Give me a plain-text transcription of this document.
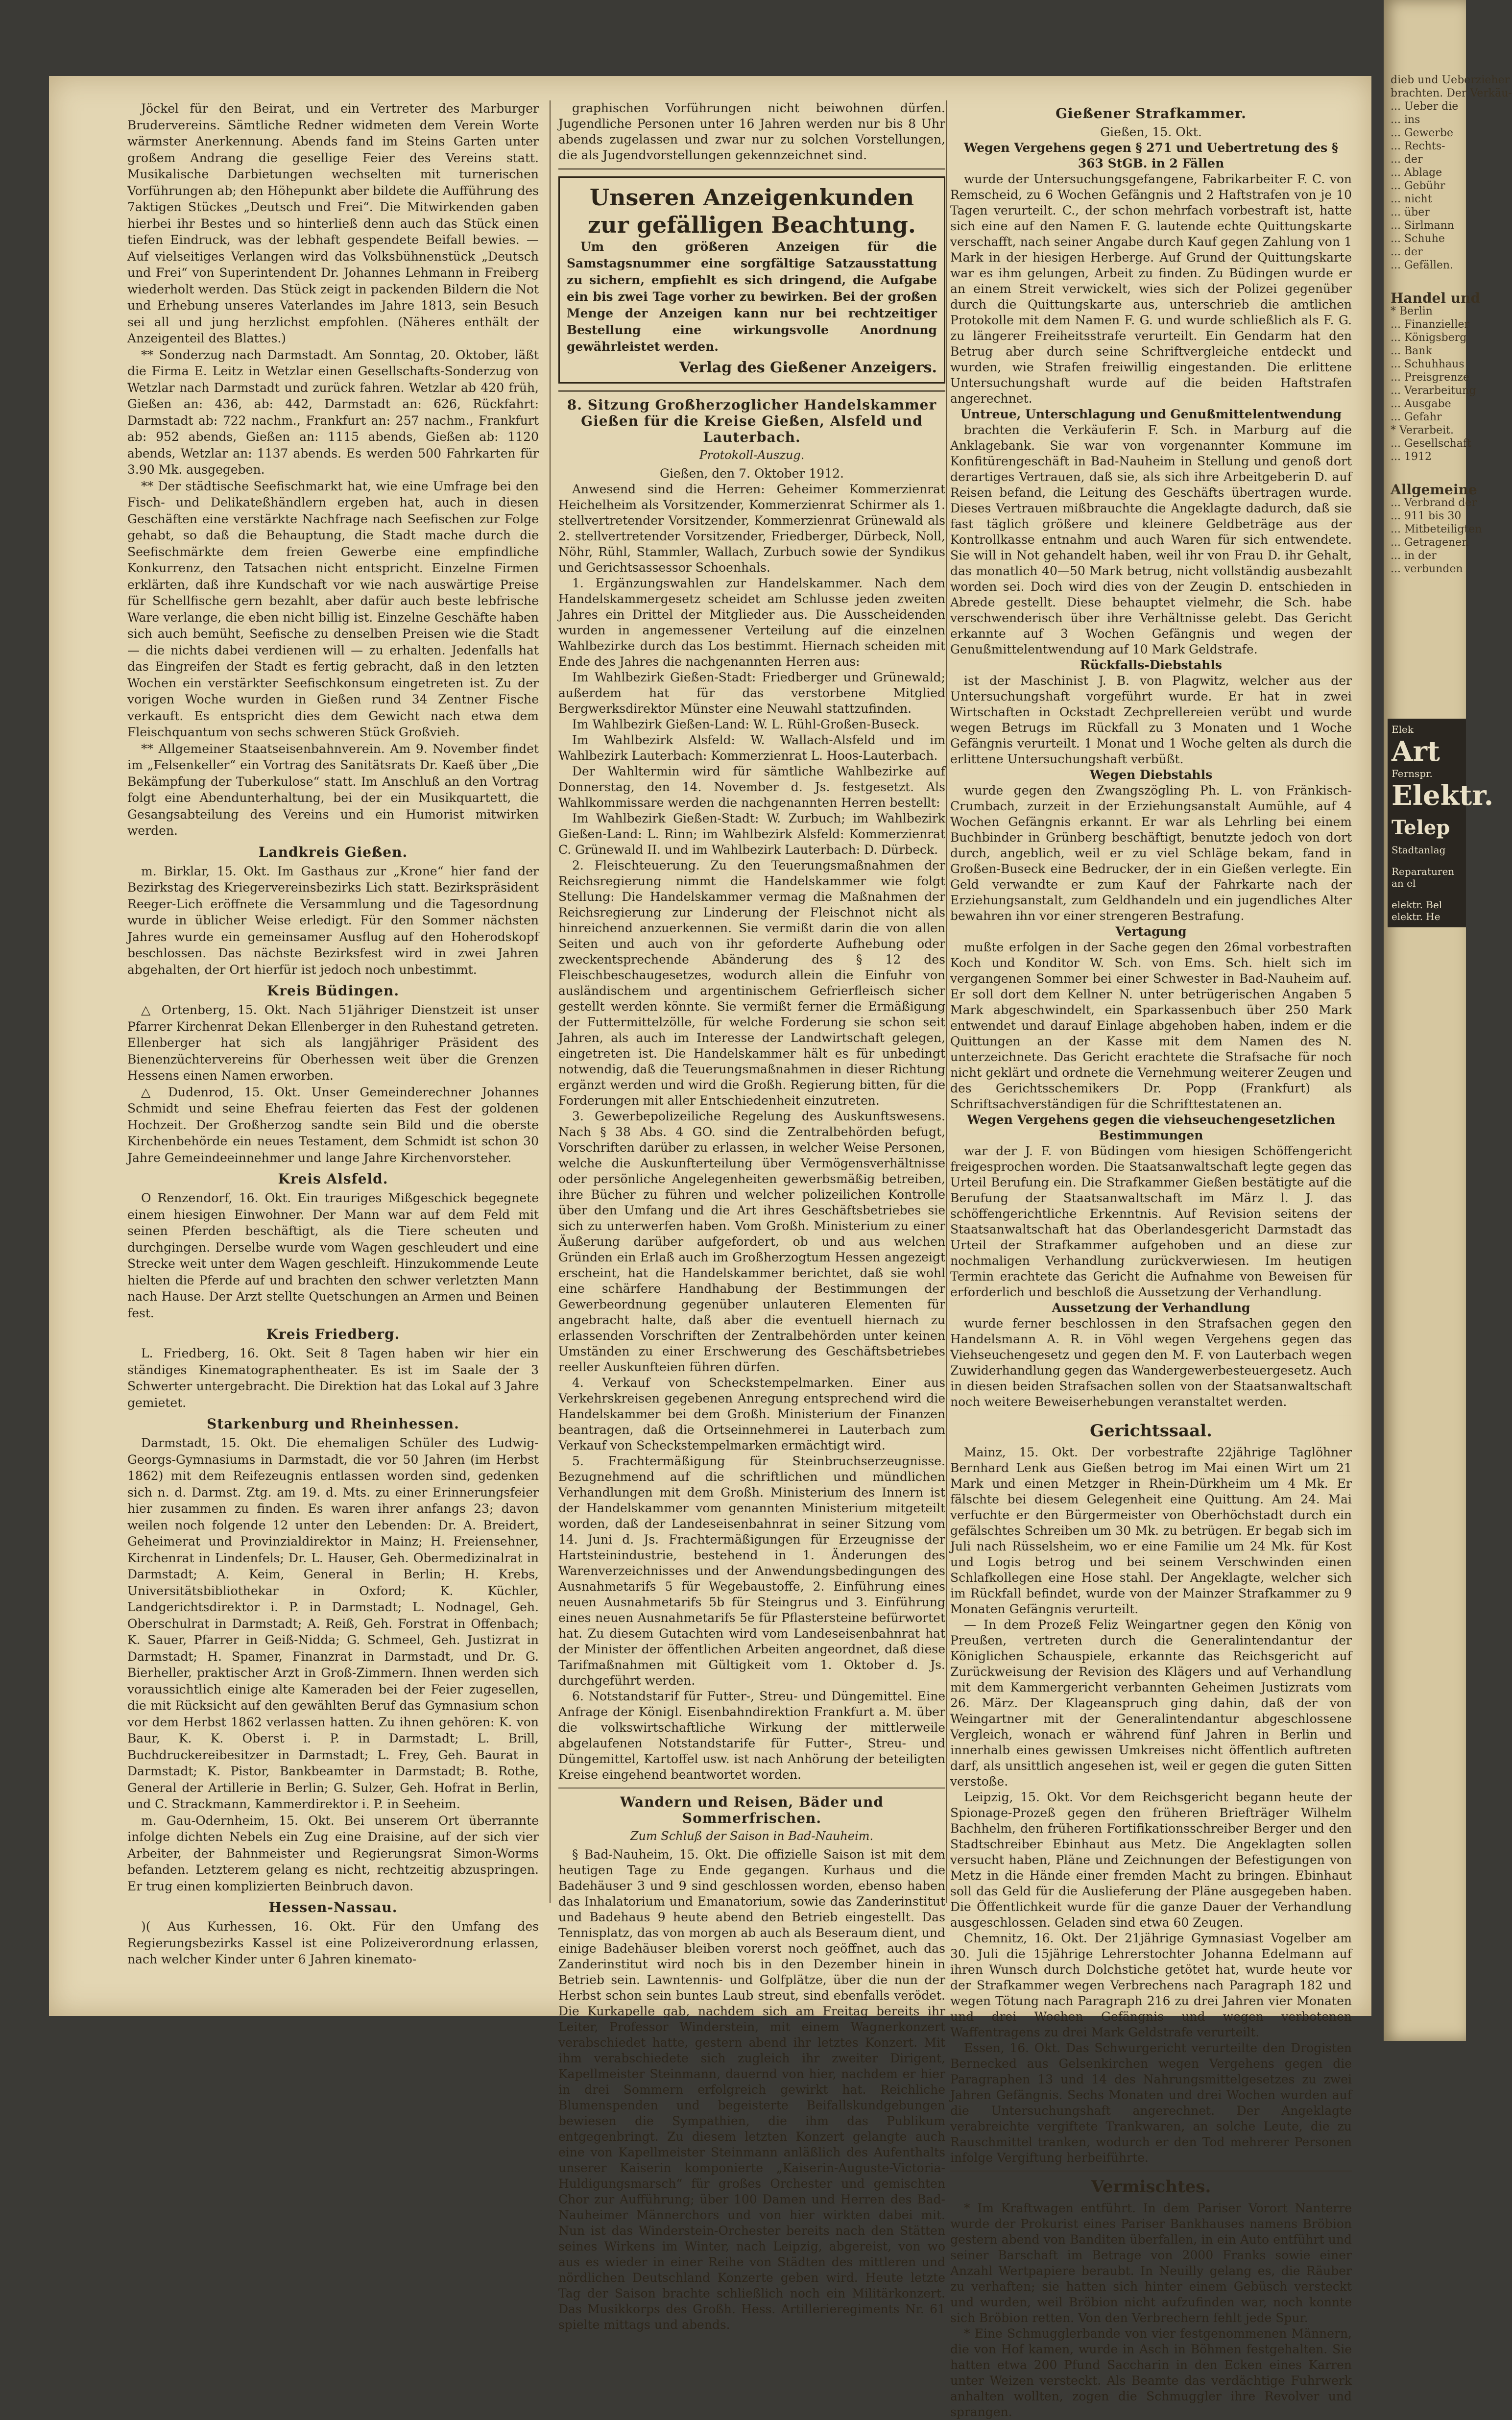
Jöckel für den Beirat, und ein Vertreter des Marburger Brudervereins. Sämtliche Redner widmeten dem Verein Worte wärmster Anerkennung. Abends fand im Steins Garten unter großem Andrang die gesellige Feier des Vereins statt. Musikalische Darbietungen wechselten mit turnerischen Vorführungen ab; den Höhepunkt aber bildete die Aufführung des 7aktigen Stückes „Deutsch und Frei“. Die Mitwirkenden gaben hierbei ihr Bestes und so hinterließ denn auch das Stück einen tiefen Eindruck, was der lebhaft gespendete Beifall bewies. — Auf vielseitiges Verlangen wird das Volksbühnenstück „Deutsch und Frei“ von Superintendent Dr. Johannes Lehmann in Freiberg wiederholt werden. Das Stück zeigt in packenden Bildern die Not und Erhebung unseres Vaterlandes im Jahre 1813, sein Besuch sei all und jung herzlichst empfohlen. (Näheres enthält der Anzeigenteil des Blattes.)

** Sonderzug nach Darmstadt. Am Sonntag, 20. Oktober, läßt die Firma E. Leitz in Wetzlar einen Gesellschafts-Sonderzug von Wetzlar nach Darmstadt und zurück fahren. Wetzlar ab 420 früh, Gießen an: 436, ab: 442, Darmstadt an: 626, Rückfahrt: Darmstadt ab: 722 nachm., Frankfurt an: 257 nachm., Frankfurt ab: 952 abends, Gießen an: 1115 abends, Gießen ab: 1120 abends, Wetzlar an: 1137 abends. Es werden 500 Fahrkarten für 3.90 Mk. ausgegeben.

** Der städtische Seefischmarkt hat, wie eine Umfrage bei den Fisch- und Delikateßhändlern ergeben hat, auch in diesen Geschäften eine verstärkte Nachfrage nach Seefischen zur Folge gehabt, so daß die Behauptung, die Stadt mache durch die Seefischmärkte dem freien Gewerbe eine empfindliche Konkurrenz, den Tatsachen nicht entspricht. Einzelne Firmen erklärten, daß ihre Kundschaft vor wie nach auswärtige Preise für Schellfische gern bezahlt, aber dafür auch beste lebfrische Ware verlange, die eben nicht billig ist. Einzelne Geschäfte haben sich auch bemüht, Seefische zu denselben Preisen wie die Stadt — die nichts dabei verdienen will — zu erhalten. Jedenfalls hat das Eingreifen der Stadt es fertig gebracht, daß in den letzten Wochen ein verstärkter Seefischkonsum eingetreten ist. Zu der vorigen Woche wurden in Gießen rund 34 Zentner Fische verkauft. Es entspricht dies dem Gewicht nach etwa dem Fleischquantum von sechs schweren Stück Großvieh.

** Allgemeiner Staatseisenbahnverein. Am 9. November findet im „Felsenkeller“ ein Vortrag des Sanitätsrats Dr. Kaeß über „Die Bekämpfung der Tuberkulose“ statt. Im Anschluß an den Vortrag folgt eine Abendunterhaltung, bei der ein Musikquartett, die Gesangsabteilung des Vereins und ein Humorist mitwirken werden.

Landkreis Gießen.

m. Birklar, 15. Okt. Im Gasthaus zur „Krone“ hier fand der Bezirkstag des Kriegervereinsbezirks Lich statt. Bezirkspräsident Reeger-Lich eröffnete die Versammlung und die Tagesordnung wurde in üblicher Weise erledigt. Für den Sommer nächsten Jahres wurde ein gemeinsamer Ausflug auf den Hoherodskopf beschlossen. Das nächste Bezirksfest wird in zwei Jahren abgehalten, der Ort hierfür ist jedoch noch unbestimmt.

Kreis Büdingen.

△ Ortenberg, 15. Okt. Nach 51jähriger Dienstzeit ist unser Pfarrer Kirchenrat Dekan Ellenberger in den Ruhestand getreten. Ellenberger hat sich als langjähriger Präsident des Bienenzüchtervereins für Oberhessen weit über die Grenzen Hessens einen Namen erworben.

△ Dudenrod, 15. Okt. Unser Gemeinderechner Johannes Schmidt und seine Ehefrau feierten das Fest der goldenen Hochzeit. Der Großherzog sandte sein Bild und die oberste Kirchenbehörde ein neues Testament, dem Schmidt ist schon 30 Jahre Gemeindeeinnehmer und lange Jahre Kirchenvorsteher.

Kreis Alsfeld.

O Renzendorf, 16. Okt. Ein trauriges Mißgeschick begegnete einem hiesigen Einwohner. Der Mann war auf dem Feld mit seinen Pferden beschäftigt, als die Tiere scheuten und durchgingen. Derselbe wurde vom Wagen geschleudert und eine Strecke weit unter dem Wagen geschleift. Hinzukommende Leute hielten die Pferde auf und brachten den schwer verletzten Mann nach Hause. Der Arzt stellte Quetschungen an Armen und Beinen fest.

Kreis Friedberg.

L. Friedberg, 16. Okt. Seit 8 Tagen haben wir hier ein ständiges Kinematographentheater. Es ist im Saale der 3 Schwerter untergebracht. Die Direktion hat das Lokal auf 3 Jahre gemietet.

Starkenburg und Rheinhessen.

Darmstadt, 15. Okt. Die ehemaligen Schüler des Ludwig-Georgs-Gymnasiums in Darmstadt, die vor 50 Jahren (im Herbst 1862) mit dem Reifezeugnis entlassen worden sind, gedenken sich n. d. Darmst. Ztg. am 19. d. Mts. zu einer Erinnerungsfeier hier zusammen zu finden. Es waren ihrer anfangs 23; davon weilen noch folgende 12 unter den Lebenden: Dr. A. Breidert, Geheimerat und Provinzialdirektor in Mainz; H. Freiensehner, Kirchenrat in Lindenfels; Dr. L. Hauser, Geh. Obermedizinalrat in Darmstadt; A. Keim, General in Berlin; H. Krebs, Universitätsbibliothekar in Oxford; K. Küchler, Landgerichtsdirektor i. P. in Darmstadt; L. Nodnagel, Geh. Oberschulrat in Darmstadt; A. Reiß, Geh. Forstrat in Offenbach; K. Sauer, Pfarrer in Geiß-Nidda; G. Schmeel, Geh. Justizrat in Darmstadt; H. Spamer, Finanzrat in Darmstadt, und Dr. G. Bierheller, praktischer Arzt in Groß-Zimmern. Ihnen werden sich voraussichtlich einige alte Kameraden bei der Feier zugesellen, die mit Rücksicht auf den gewählten Beruf das Gymnasium schon vor dem Herbst 1862 verlassen hatten. Zu ihnen gehören: K. von Baur, K. K. Oberst i. P. in Darmstadt; L. Brill, Buchdruckereibesitzer in Darmstadt; L. Frey, Geh. Baurat in Darmstadt; K. Pistor, Bankbeamter in Darmstadt; B. Rothe, General der Artillerie in Berlin; G. Sulzer, Geh. Hofrat in Berlin, und C. Strackmann, Kammerdirektor i. P. in Seeheim.

m. Gau-Odernheim, 15. Okt. Bei unserem Ort überrannte infolge dichten Nebels ein Zug eine Draisine, auf der sich vier Arbeiter, der Bahnmeister und Regierungsrat Simon-Worms befanden. Letzterem gelang es nicht, rechtzeitig abzuspringen. Er trug einen komplizierten Beinbruch davon.

Hessen-Nassau.

)( Aus Kurhessen, 16. Okt. Für den Umfang des Regierungsbezirks Kassel ist eine Polizeiverordnung erlassen, nach welcher Kinder unter 6 Jahren kinemato-

graphischen Vorführungen nicht beiwohnen dürfen. Jugendliche Personen unter 16 Jahren werden nur bis 8 Uhr abends zugelassen und zwar nur zu solchen Vorstellungen, die als Jugendvorstellungen gekennzeichnet sind.

Unseren Anzeigenkunden
zur gefälligen Beachtung.

Um den größeren Anzeigen für die Samstagsnummer eine sorgfältige Satzausstattung zu sichern, empfiehlt es sich dringend, die Aufgabe ein bis zwei Tage vorher zu bewirken. Bei der großen Menge der Anzeigen kann nur bei rechtzeitiger Bestellung eine wirkungsvolle Anordnung gewährleistet werden.

Verlag des Gießener Anzeigers.
8. Sitzung Großherzoglicher Handelskammer Gießen für die Kreise Gießen, Alsfeld und Lauterbach.
Protokoll-Auszug.

Gießen, den 7. Oktober 1912.

Anwesend sind die Herren: Geheimer Kommerzienrat Heichelheim als Vorsitzender, Kommerzienrat Schirmer als 1. stellvertretender Vorsitzender, Kommerzienrat Grünewald als 2. stellvertretender Vorsitzender, Friedberger, Dürbeck, Noll, Nöhr, Rühl, Stammler, Wallach, Zurbuch sowie der Syndikus und Gerichtsassessor Schoenhals.

1. Ergänzungswahlen zur Handelskammer. Nach dem Handelskammergesetz scheidet am Schlusse jeden zweiten Jahres ein Drittel der Mitglieder aus. Die Ausscheidenden wurden in angemessener Verteilung auf die einzelnen Wahlbezirke durch das Los bestimmt. Hiernach scheiden mit Ende des Jahres die nachgenannten Herren aus:

Im Wahlbezirk Gießen-Stadt: Friedberger und Grünewald; außerdem hat für das verstorbene Mitglied Bergwerksdirektor Münster eine Neuwahl stattzufinden.

Im Wahlbezirk Gießen-Land: W. L. Rühl-Großen-Buseck.

Im Wahlbezirk Alsfeld: W. Wallach-Alsfeld und im Wahlbezirk Lauterbach: Kommerzienrat L. Hoos-Lauterbach.

Der Wahltermin wird für sämtliche Wahlbezirke auf Donnerstag, den 14. November d. Js. festgesetzt. Als Wahlkommissare werden die nachgenannten Herren bestellt:

Im Wahlbezirk Gießen-Stadt: W. Zurbuch; im Wahlbezirk Gießen-Land: L. Rinn; im Wahlbezirk Alsfeld: Kommerzienrat C. Grünewald II. und im Wahlbezirk Lauterbach: D. Dürbeck.

2. Fleischteuerung. Zu den Teuerungsmaßnahmen der Reichsregierung nimmt die Handelskammer wie folgt Stellung: Die Handelskammer vermag die Maßnahmen der Reichsregierung zur Linderung der Fleischnot nicht als hinreichend anzuerkennen. Sie vermißt darin die von allen Seiten und auch von ihr geforderte Aufhebung oder zweckentsprechende Abänderung des § 12 des Fleischbeschaugesetzes, wodurch allein die Einfuhr von ausländischem und argentinischem Gefrierfleisch sicher gestellt werden könnte. Sie vermißt ferner die Ermäßigung der Futtermittelzölle, für welche Forderung sie schon seit Jahren, als auch im Interesse der Landwirtschaft gelegen, eingetreten ist. Die Handelskammer hält es für unbedingt notwendig, daß die Teuerungsmaßnahmen in dieser Richtung ergänzt werden und wird die Großh. Regierung bitten, für die Forderungen mit aller Entschiedenheit einzutreten.

3. Gewerbepolizeiliche Regelung des Auskunftswesens. Nach § 38 Abs. 4 GO. sind die Zentralbehörden befugt, Vorschriften darüber zu erlassen, in welcher Weise Personen, welche die Auskunfterteilung über Vermögensverhältnisse oder persönliche Angelegenheiten gewerbsmäßig betreiben, ihre Bücher zu führen und welcher polizeilichen Kontrolle über den Umfang und die Art ihres Geschäftsbetriebes sie sich zu unterwerfen haben. Vom Großh. Ministerium zu einer Äußerung darüber aufgefordert, ob und aus welchen Gründen ein Erlaß auch im Großherzogtum Hessen angezeigt erscheint, hat die Handelskammer berichtet, daß sie wohl eine schärfere Handhabung der Bestimmungen der Gewerbeordnung gegenüber unlauteren Elementen für angebracht halte, daß aber die eventuell hiernach zu erlassenden Vorschriften der Zentralbehörden unter keinen Umständen zu einer Erschwerung des Geschäftsbetriebes reeller Auskunfteien führen dürfen.

4. Verkauf von Scheckstempelmarken. Einer aus Verkehrskreisen gegebenen Anregung entsprechend wird die Handelskammer bei dem Großh. Ministerium der Finanzen beantragen, daß die Ortseinnehmerei in Lauterbach zum Verkauf von Scheckstempelmarken ermächtigt wird.

5. Frachtermäßigung für Steinbruchserzeugnisse. Bezugnehmend auf die schriftlichen und mündlichen Verhandlungen mit dem Großh. Ministerium des Innern ist der Handelskammer vom genannten Ministerium mitgeteilt worden, daß der Landeseisenbahnrat in seiner Sitzung vom 14. Juni d. Js. Frachtermäßigungen für Erzeugnisse der Hartsteinindustrie, bestehend in 1. Änderungen des Warenverzeichnisses und der Anwendungsbedingungen des Ausnahmetarifs 5 für Wegebaustoffe, 2. Einführung eines neuen Ausnahmetarifs 5b für Steingrus und 3. Einführung eines neuen Ausnahmetarifs 5e für Pflastersteine befürwortet hat. Zu diesem Gutachten wird vom Landeseisenbahnrat hat der Minister der öffentlichen Arbeiten angeordnet, daß diese Tarifmaßnahmen mit Gültigkeit vom 1. Oktober d. Js. durchgeführt werden.

6. Notstandstarif für Futter-, Streu- und Düngemittel. Eine Anfrage der Königl. Eisenbahndirektion Frankfurt a. M. über die volkswirtschaftliche Wirkung der mittlerweile abgelaufenen Notstandstarife für Futter-, Streu- und Düngemittel, Kartoffel usw. ist nach Anhörung der beteiligten Kreise eingehend beantwortet worden.

Wandern und Reisen, Bäder und Sommerfrischen.
Zum Schluß der Saison in Bad-Nauheim.

§ Bad-Nauheim, 15. Okt. Die offizielle Saison ist mit dem heutigen Tage zu Ende gegangen. Kurhaus und die Badehäuser 3 und 9 sind geschlossen worden, ebenso haben das Inhalatorium und Emanatorium, sowie das Zanderinstitut und Badehaus 9 heute abend den Betrieb eingestellt. Das Tennisplatz, das von morgen ab auch als Beseraum dient, und einige Badehäuser bleiben vorerst noch geöffnet, auch das Zanderinstitut wird noch bis in den Dezember hinein in Betrieb sein. Lawntennis- und Golfplätze, über die nun der Herbst schon sein buntes Laub streut, sind ebenfalls verödet. Die Kurkapelle gab, nachdem sich am Freitag bereits ihr Leiter, Professor Winderstein, mit einem Wagnerkonzert verabschiedet hatte, gestern abend ihr letztes Konzert. Mit ihm verabschiedete sich zugleich ihr zweiter Dirigent, Kapellmeister Steinmann, dauernd von hier, nachdem er hier in drei Sommern erfolgreich gewirkt hat. Reichliche Blumenspenden und begeisterte Beifallskundgebungen bewiesen die Sympathien, die ihm das Publikum entgegenbringt. Zu diesem letzten Konzert gelangte auch eine von Kapellmeister Steinmann anläßlich des Aufenthalts unserer Kaiserin komponierte „Kaiserin-Auguste-Victoria-Huldigungsmarsch“ für großes Orchester und gemischten Chor zur Aufführung; über 100 Damen und Herren des Bad-Nauheimer Männerchors und von hier wirkten dabei mit. Nun ist das Winderstein-Orchester bereits nach den Stätten seines Wirkens im Winter, nach Leipzig, abgereist, von wo aus es wieder in einer Reihe von Städten des mittleren und nördlichen Deutschland Konzerte geben wird. Heute letzte Tag der Saison brachte schließlich noch ein Militärkonzert. Das Musikkorps des Großh. Hess. Artillerieregiments Nr. 61 spielte mittags und abends.

Gießener Strafkammer.

Gießen, 15. Okt.

Wegen Vergehens gegen § 271 und Uebertretung des § 363 StGB. in 2 Fällen

wurde der Untersuchungsgefangene, Fabrikarbeiter F. C. von Remscheid, zu 6 Wochen Gefängnis und 2 Haftstrafen von je 10 Tagen verurteilt. C., der schon mehrfach vorbestraft ist, hatte sich eine auf den Namen F. G. lautende echte Quittungskarte verschafft, nach seiner Angabe durch Kauf gegen Zahlung von 1 Mark in der hiesigen Herberge. Auf Grund der Quittungskarte war es ihm gelungen, Arbeit zu finden. Zu Büdingen wurde er an einem Streit verwickelt, wies sich der Polizei gegenüber durch die Quittungskarte aus, unterschrieb die amtlichen Protokolle mit dem Namen F. G. und wurde schließlich als F. G. zu längerer Freiheitsstrafe verurteilt. Ein Gendarm hat den Betrug aber durch seine Schriftvergleiche entdeckt und wurden, wie Strafen freiwillig eingestanden. Die erlittene Untersuchungshaft wurde auf die beiden Haftstrafen angerechnet.

Untreue, Unterschlagung und Genußmittelentwendung

brachten die Verkäuferin F. Sch. in Marburg auf die Anklagebank. Sie war von vorgenannter Kommune im Konfitürengeschäft in Bad-Nauheim in Stellung und genoß dort derartiges Vertrauen, daß sie, als sich ihre Arbeitgeberin D. auf Reisen befand, die Leitung des Geschäfts übertragen wurde. Dieses Vertrauen mißbrauchte die Angeklagte dadurch, daß sie fast täglich größere und kleinere Geldbeträge aus der Kontrollkasse entnahm und auch Waren für sich entwendete. Sie will in Not gehandelt haben, weil ihr von Frau D. ihr Gehalt, das monatlich 40—50 Mark betrug, nicht vollständig ausbezahlt worden sei. Doch wird dies von der Zeugin D. entschieden in Abrede gestellt. Diese behauptet vielmehr, die Sch. habe verschwenderisch über ihre Verhältnisse gelebt. Das Gericht erkannte auf 3 Wochen Gefängnis und wegen der Genußmittelentwendung auf 10 Mark Geldstrafe.

Rückfalls-Diebstahls

ist der Maschinist J. B. von Plagwitz, welcher aus der Untersuchungshaft vorgeführt wurde. Er hat in zwei Wirtschaften in Ockstadt Zechprellereien verübt und wurde wegen Betrugs im Rückfall zu 3 Monaten und 1 Woche Gefängnis verurteilt. 1 Monat und 1 Woche gelten als durch die erlittene Untersuchungshaft verbüßt.

Wegen Diebstahls

wurde gegen den Zwangszögling Ph. L. von Fränkisch-Crumbach, zurzeit in der Erziehungsanstalt Aumühle, auf 4 Wochen Gefängnis erkannt. Er war als Lehrling bei einem Buchbinder in Grünberg beschäftigt, benutzte jedoch von dort durch, angeblich, weil er zu viel Schläge bekam, fand in Großen-Buseck eine Bedrucker, der in ein Gießen verlegte. Ein Geld verwandte er zum Kauf der Fahrkarte nach der Erziehungsanstalt, zum Geldhandeln und ein jugendliches Alter bewahren ihn vor einer strengeren Bestrafung.

Vertagung

mußte erfolgen in der Sache gegen den 26mal vorbestraften Koch und Konditor W. Sch. von Ems. Sch. hielt sich im vergangenen Sommer bei einer Schwester in Bad-Nauheim auf. Er soll dort dem Kellner N. unter betrügerischen Angaben 5 Mark abgeschwindelt, ein Sparkassenbuch über 250 Mark entwendet und darauf Einlage abgehoben haben, indem er die Quittungen an der Kasse mit dem Namen des N. unterzeichnete. Das Gericht erachtete die Strafsache für noch nicht geklärt und ordnete die Vernehmung weiterer Zeugen und des Gerichtsschemikers Dr. Popp (Frankfurt) als Schriftsachverständigen für die Schrifttestatenen an.

Wegen Vergehens gegen die viehseuchengesetzlichen Bestimmungen

war der J. F. von Büdingen vom hiesigen Schöffengericht freigesprochen worden. Die Staatsanwaltschaft legte gegen das Urteil Berufung ein. Die Strafkammer Gießen bestätigte auf die Berufung der Staatsanwaltschaft im März l. J. das schöffengerichtliche Erkenntnis. Auf Revision seitens der Staatsanwaltschaft hat das Oberlandesgericht Darmstadt das Urteil der Strafkammer aufgehoben und an diese zur nochmaligen Verhandlung zurückverwiesen. Im heutigen Termin erachtete das Gericht die Aufnahme von Beweisen für erforderlich und beschloß die Aussetzung der Verhandlung.

Aussetzung der Verhandlung

wurde ferner beschlossen in den Strafsachen gegen den Handelsmann A. R. in Vöhl wegen Vergehens gegen das Viehseuchengesetz und gegen den M. F. von Lauterbach wegen Zuwiderhandlung gegen das Wandergewerbesteuergesetz. Auch in diesen beiden Strafsachen sollen von der Staatsanwaltschaft noch weitere Beweiserhebungen veranstaltet werden.

Gerichtssaal.

Mainz, 15. Okt. Der vorbestrafte 22jährige Taglöhner Bernhard Lenk aus Gießen betrog im Mai einen Wirt um 21 Mark und einen Metzger in Rhein-Dürkheim um 4 Mk. Er fälschte bei diesem Gelegenheit eine Quittung. Am 24. Mai verfuchte er den Bürgermeister von Oberhöchstadt durch ein gefälschtes Schreiben um 30 Mk. zu betrügen. Er begab sich im Juli nach Rüsselsheim, wo er eine Familie um 24 Mk. für Kost und Logis betrog und bei seinem Verschwinden einen Schlafkollegen eine Hose stahl. Der Angeklagte, welcher sich im Rückfall befindet, wurde von der Mainzer Strafkammer zu 9 Monaten Gefängnis verurteilt.

— In dem Prozeß Feliz Weingartner gegen den König von Preußen, vertreten durch die Generalintendantur der Königlichen Schauspiele, erkannte das Reichsgericht auf Zurückweisung der Revision des Klägers und auf Verhandlung mit dem Kammergericht verbannten Geheimen Justizrats vom 26. März. Der Klageanspruch ging dahin, daß der von Weingartner mit der Generalintendantur abgeschlossene Vergleich, wonach er während fünf Jahren in Berlin und innerhalb eines gewissen Umkreises nicht öffentlich auftreten darf, als unsittlich angesehen ist, weil er gegen die guten Sitten verstoße.

Leipzig, 15. Okt. Vor dem Reichsgericht begann heute der Spionage-Prozeß gegen den früheren Briefträger Wilhelm Bachhelm, den früheren Fortifikationsschreiber Berger und den Stadtschreiber Ebinhaut aus Metz. Die Angeklagten sollen versucht haben, Pläne und Zeichnungen der Befestigungen von Metz in die Hände einer fremden Macht zu bringen. Ebinhaut soll das Geld für die Auslieferung der Pläne ausgegeben haben. Die Öffentlichkeit wurde für die ganze Dauer der Verhandlung ausgeschlossen. Geladen sind etwa 60 Zeugen.

Chemnitz, 16. Okt. Der 21jährige Gymnasiast Vogelber am 30. Juli die 15jährige Lehrerstochter Johanna Edelmann auf ihren Wunsch durch Dolchstiche getötet hat, wurde heute vor der Strafkammer wegen Verbrechens nach Paragraph 182 und wegen Tötung nach Paragraph 216 zu drei Jahren vier Monaten und drei Wochen Gefängnis und wegen verbotenen Waffentragens zu drei Mark Geldstrafe verurteilt.

Essen, 16. Okt. Das Schwurgericht verurteilte den Drogisten Bernecked aus Gelsenkirchen wegen Vergehens gegen die Paragraphen 13 und 14 des Nahrungsmittelgesetzes zu zwei Jahren Gefängnis. Sechs Monaten und drei Wochen wurden auf die Untersuchungshaft angerechnet. Der Angeklagte verabreichte vergiftete Trankwaren, an solche Leute, die zu Rauschmittel tranken, wodurch er den Tod mehrerer Personen infolge Vergiftung herbeiführte.

Vermischtes.

* Im Kraftwagen entführt. In dem Pariser Vorort Nanterre wurde der Prokurist eines Pariser Bankhauses namens Bröbion gestern abend von Banditen überfallen, in ein Auto entführt und seiner Barschaft im Betrage von 2000 Franks sowie einer Anzahl Wertpapiere beraubt. In Neuilly gelang es, die Räuber zu verhaften; sie hatten sich hinter einem Gebüsch versteckt und wurden, weil Bröbion nicht aufzufinden war, noch konnte sich Bröbion retten. Von den Verbrechern fehlt jede Spur.

* Eine Schmugglerbande von vier festgenommenen Männern, die von Hof kamen, wurde in Asch in Böhmen festgehalten. Sie hatten etwa 200 Pfund Saccharin in den Ecken eines Karren unter Weizen versteckt. Als Beamte das verdächtige Fuhrwerk anhalten wollten, zogen die Schmuggler ihre Revolver und sprangen.

dieb und Ueberzieher
brachten. Der Verkäu-
... Ueber die
... ins
... Gewerbe
... Rechts-
... der
... Ablage
... Gebühr
... nicht
... über
... Sirlmann
... Schuhe
... der
... Gefällen.
Handel und
* Berlin
... Finanzieller
... Königsberg
... Bank
... Schuhhaus
... Preisgrenze
... Verarbeitung
... Ausgabe
... Gefahr
* Verarbeit.
... Gesellschaft
... 1912
Allgemeine
... Verbrand der
... 911 bis 30
... Mitbeteiligten
... Getragenen
... in der
... verbunden
Elek
Art
Fernspr.
Elektr.
Telep
Stadtanlag
Reparaturen an el
elektr. Bel
elektr. He
